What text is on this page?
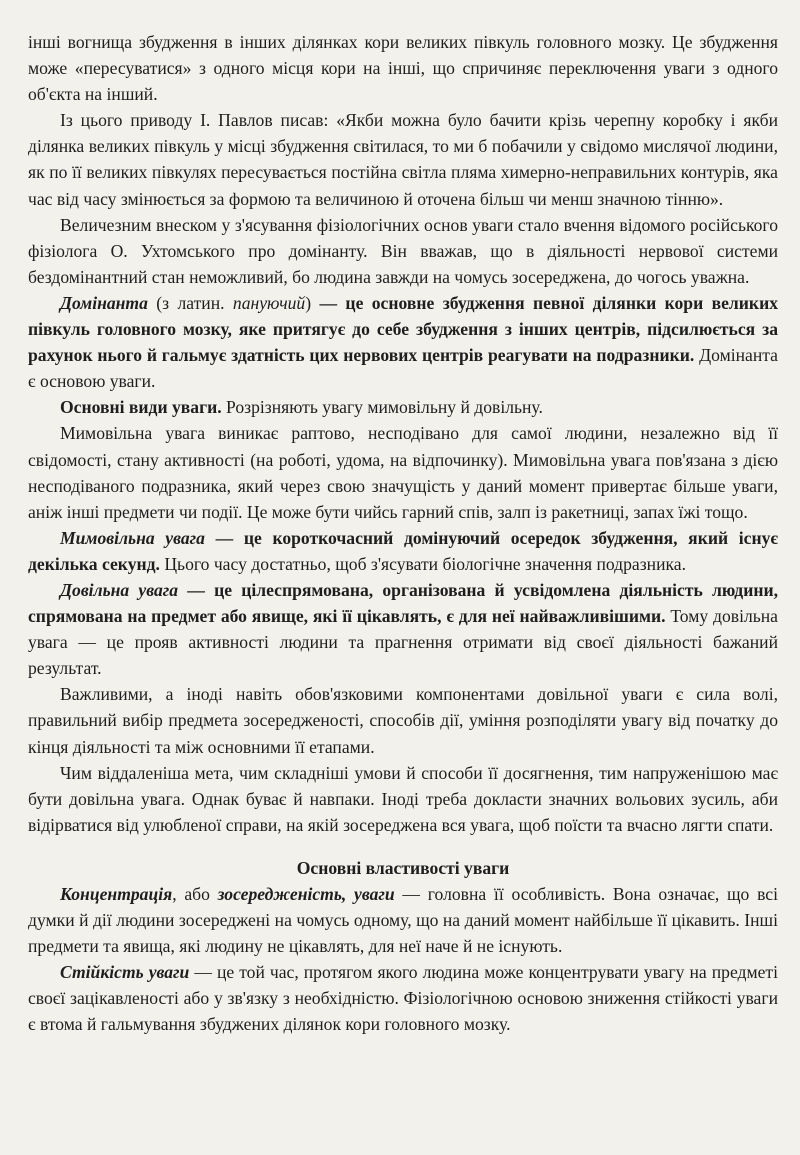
інші вогнища збудження в інших ділянках кори великих півкуль головного мозку. Це збудження може «пересуватися» з одного місця кори на інші, що спричиняє переключення уваги з одного об'єкта на інший.

Із цього приводу І. Павлов писав: «Якби можна було бачити крізь черепну коробку і якби ділянка великих півкуль у місці збудження світилася, то ми б побачили у свідомо мислячої людини, як по її великих півкулях пересувається постійна світла пляма химерно-неправильних контурів, яка час від часу змінюється за формою та величиною й оточена більш чи менш значною тінню».

Величезним внеском у з'ясування фізіологічних основ уваги стало вчення відомого російського фізіолога О. Ухтомського про домінанту. Він вважав, що в діяльності нервової системи бездомінантний стан неможливий, бо людина завжди на чомусь зосереджена, до чогось уважна.

Домінанта (з латин. пануючий) — це основне збудження певної ділянки кори великих півкуль головного мозку, яке притягує до себе збудження з інших центрів, підсилюється за рахунок нього й гальмує здатність цих нервових центрів реагувати на подразники. Домінанта є основою уваги.

Основні види уваги. Розрізняють увагу мимовільну й довільну.

Мимовільна увага виникає раптово, несподівано для самої людини, незалежно від її свідомості, стану активності (на роботі, удома, на відпочинку). Мимовільна увага пов'язана з дією несподіваного подразника, який через свою значущість у даний момент привертає більше уваги, аніж інші предмети чи події. Це може бути чийсь гарний спів, залп із ракетниці, запах їжі тощо.

Мимовільна увага — це короткочасний домінуючий осередок збудження, який існує декілька секунд. Цього часу достатньо, щоб з'ясувати біологічне значення подразника.

Довільна увага — це цілеспрямована, організована й усвідомлена діяльність людини, спрямована на предмет або явище, які її цікавлять, є для неї найважливішими. Тому довільна увага — це прояв активності людини та прагнення отримати від своєї діяльності бажаний результат.

Важливими, а іноді навіть обов'язковими компонентами довільної уваги є сила волі, правильний вибір предмета зосередженості, способів дії, уміння розподіляти увагу від початку до кінця діяльності та між основними її етапами.

Чим віддаленіша мета, чим складніші умови й способи її досягнення, тим напруженішою має бути довільна увага. Однак буває й навпаки. Іноді треба докласти значних вольових зусиль, аби відірватися від улюбленої справи, на якій зосереджена вся увага, щоб поїсти та вчасно лягти спати.

Основні властивості уваги

Концентрація, або зосередженість, уваги — головна її особливість. Вона означає, що всі думки й дії людини зосереджені на чомусь одному, що на даний момент найбільше її цікавить. Інші предмети та явища, які людину не цікавлять, для неї наче й не існують.

Стійкість уваги — це той час, протягом якого людина може концентрувати увагу на предметі своєї зацікавленості або у зв'язку з необхідністю. Фізіологічною основою зниження стійкості уваги є втома й гальмування збуджених ділянок кори головного мозку.
